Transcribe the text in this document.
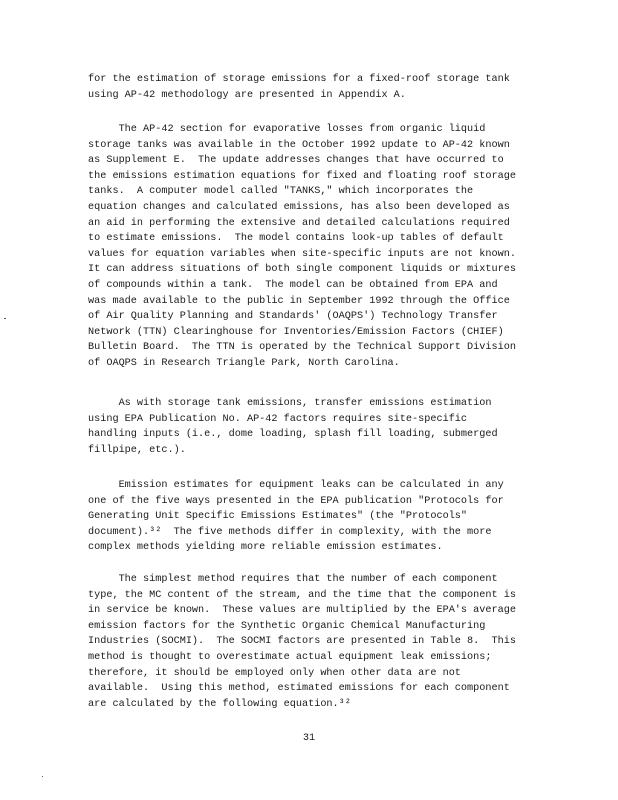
for the estimation of storage emissions for a fixed-roof storage tank
using AP-42 methodology are presented in Appendix A.
The AP-42 section for evaporative losses from organic liquid
storage tanks was available in the October 1992 update to AP-42 known
as Supplement E.  The update addresses changes that have occurred to
the emissions estimation equations for fixed and floating roof storage
tanks.  A computer model called "TANKS," which incorporates the
equation changes and calculated emissions, has also been developed as
an aid in performing the extensive and detailed calculations required
to estimate emissions.  The model contains look-up tables of default
values for equation variables when site-specific inputs are not known.
It can address situations of both single component liquids or mixtures
of compounds within a tank.  The model can be obtained from EPA and
was made available to the public in September 1992 through the Office
of Air Quality Planning and Standards' (OAQPS') Technology Transfer
Network (TTN) Clearinghouse for Inventories/Emission Factors (CHIEF)
Bulletin Board.  The TTN is operated by the Technical Support Division
of OAQPS in Research Triangle Park, North Carolina.
As with storage tank emissions, transfer emissions estimation
using EPA Publication No. AP-42 factors requires site-specific
handling inputs (i.e., dome loading, splash fill loading, submerged
fillpipe, etc.).
Emission estimates for equipment leaks can be calculated in any
one of the five ways presented in the EPA publication "Protocols for
Generating Unit Specific Emissions Estimates" (the "Protocols"
document).³²  The five methods differ in complexity, with the more
complex methods yielding more reliable emission estimates.
The simplest method requires that the number of each component
type, the MC content of the stream, and the time that the component is
in service be known.  These values are multiplied by the EPA's average
emission factors for the Synthetic Organic Chemical Manufacturing
Industries (SOCMI).  The SOCMI factors are presented in Table 8.  This
method is thought to overestimate actual equipment leak emissions;
therefore, it should be employed only when other data are not
available.  Using this method, estimated emissions for each component
are calculated by the following equation.³²
31
